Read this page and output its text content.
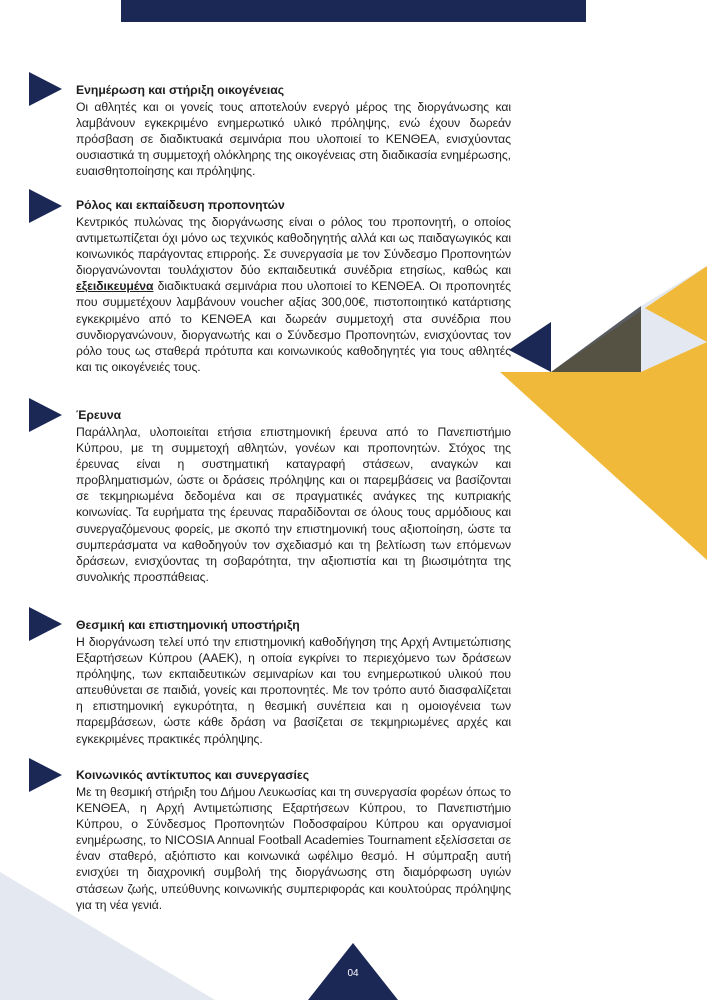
04
Ενημέρωση και στήριξη οικογένειας

Οι αθλητές και οι γονείς τους αποτελούν ενεργό μέρος της διοργάνωσης και λαμβάνουν εγκεκριμένο ενημερωτικό υλικό πρόληψης, ενώ έχουν δωρεάν πρόσβαση σε διαδικτυακά σεμινάρια που υλοποιεί το ΚΕΝΘΕΑ, ενισχύοντας ουσιαστικά τη συμμετοχή ολόκληρης της οικογένειας στη διαδικασία ενημέρωσης, ευαισθητοποίησης και πρόληψης.

Ρόλος και εκπαίδευση προπονητών

Κεντρικός πυλώνας της διοργάνωσης είναι ο ρόλος του προπονητή, ο οποίος αντιμετωπίζεται όχι μόνο ως τεχνικός καθοδηγητής αλλά και ως παιδαγωγικός και κοινωνικός παράγοντας επιρροής. Σε συνεργασία με τον Σύνδεσμο Προπονητών διοργανώνονται τουλάχιστον δύο εκπαιδευτικά συνέδρια ετησίως, καθώς και εξειδικευμένα διαδικτυακά σεμινάρια που υλοποιεί το ΚΕΝΘΕΑ. Οι προπονητές που συμμετέχουν λαμβάνουν voucher αξίας 300,00€, πιστοποιητικό κατάρτισης εγκεκριμένο από το ΚΕΝΘΕΑ και δωρεάν συμμετοχή στα συνέδρια που συνδιοργανώνουν, διοργανωτής και ο Σύνδεσμο Προπονητών, ενισχύοντας τον ρόλο τους ως σταθερά πρότυπα και κοινωνικούς καθοδηγητές για τους αθλητές και τις οικογένειές τους.

Έρευνα

Παράλληλα, υλοποιείται ετήσια επιστημονική έρευνα από το Πανεπιστήμιο Κύπρου, με τη συμμετοχή αθλητών, γονέων και προπονητών. Στόχος της έρευνας είναι η συστηματική καταγραφή στάσεων, αναγκών και προβληματισμών, ώστε οι δράσεις πρόληψης και οι παρεμβάσεις να βασίζονται σε τεκμηριωμένα δεδομένα και σε πραγματικές ανάγκες της κυπριακής κοινωνίας. Τα ευρήματα της έρευνας παραδίδονται σε όλους τους αρμόδιους και συνεργαζόμενους φορείς, με σκοπό την επιστημονική τους αξιοποίηση, ώστε τα συμπεράσματα να καθοδηγούν τον σχεδιασμό και τη βελτίωση των επόμενων δράσεων, ενισχύοντας τη σοβαρότητα, την αξιοπιστία και τη βιωσιμότητα της συνολικής προσπάθειας.

Θεσμική και επιστημονική υποστήριξη

Η διοργάνωση τελεί υπό την επιστημονική καθοδήγηση της Αρχή Αντιμετώπισης Εξαρτήσεων Κύπρου (ΑΑΕΚ), η οποία εγκρίνει το περιεχόμενο των δράσεων πρόληψης, των εκπαιδευτικών σεμιναρίων και του ενημερωτικού υλικού που απευθύνεται σε παιδιά, γονείς και προπονητές. Με τον τρόπο αυτό διασφαλίζεται η επιστημονική εγκυρότητα, η θεσμική συνέπεια και η ομοιογένεια των παρεμβάσεων, ώστε κάθε δράση να βασίζεται σε τεκμηριωμένες αρχές και εγκεκριμένες πρακτικές πρόληψης.

Κοινωνικός αντίκτυπος και συνεργασίες

Με τη θεσμική στήριξη του Δήμου Λευκωσίας και τη συνεργασία φορέων όπως το ΚΕΝΘΕΑ, η Αρχή Αντιμετώπισης Εξαρτήσεων Κύπρου, το Πανεπιστήμιο Κύπρου, ο Σύνδεσμος Προπονητών Ποδοσφαίρου Κύπρου και οργανισμοί ενημέρωσης, το NICOSIA Annual Football Academies Tournament εξελίσσεται σε έναν σταθερό, αξιόπιστο και κοινωνικά ωφέλιμο θεσμό. Η σύμπραξη αυτή ενισχύει τη διαχρονική συμβολή της διοργάνωσης στη διαμόρφωση υγιών στάσεων ζωής, υπεύθυνης κοινωνικής συμπεριφοράς και κουλτούρας πρόληψης για τη νέα γενιά.
